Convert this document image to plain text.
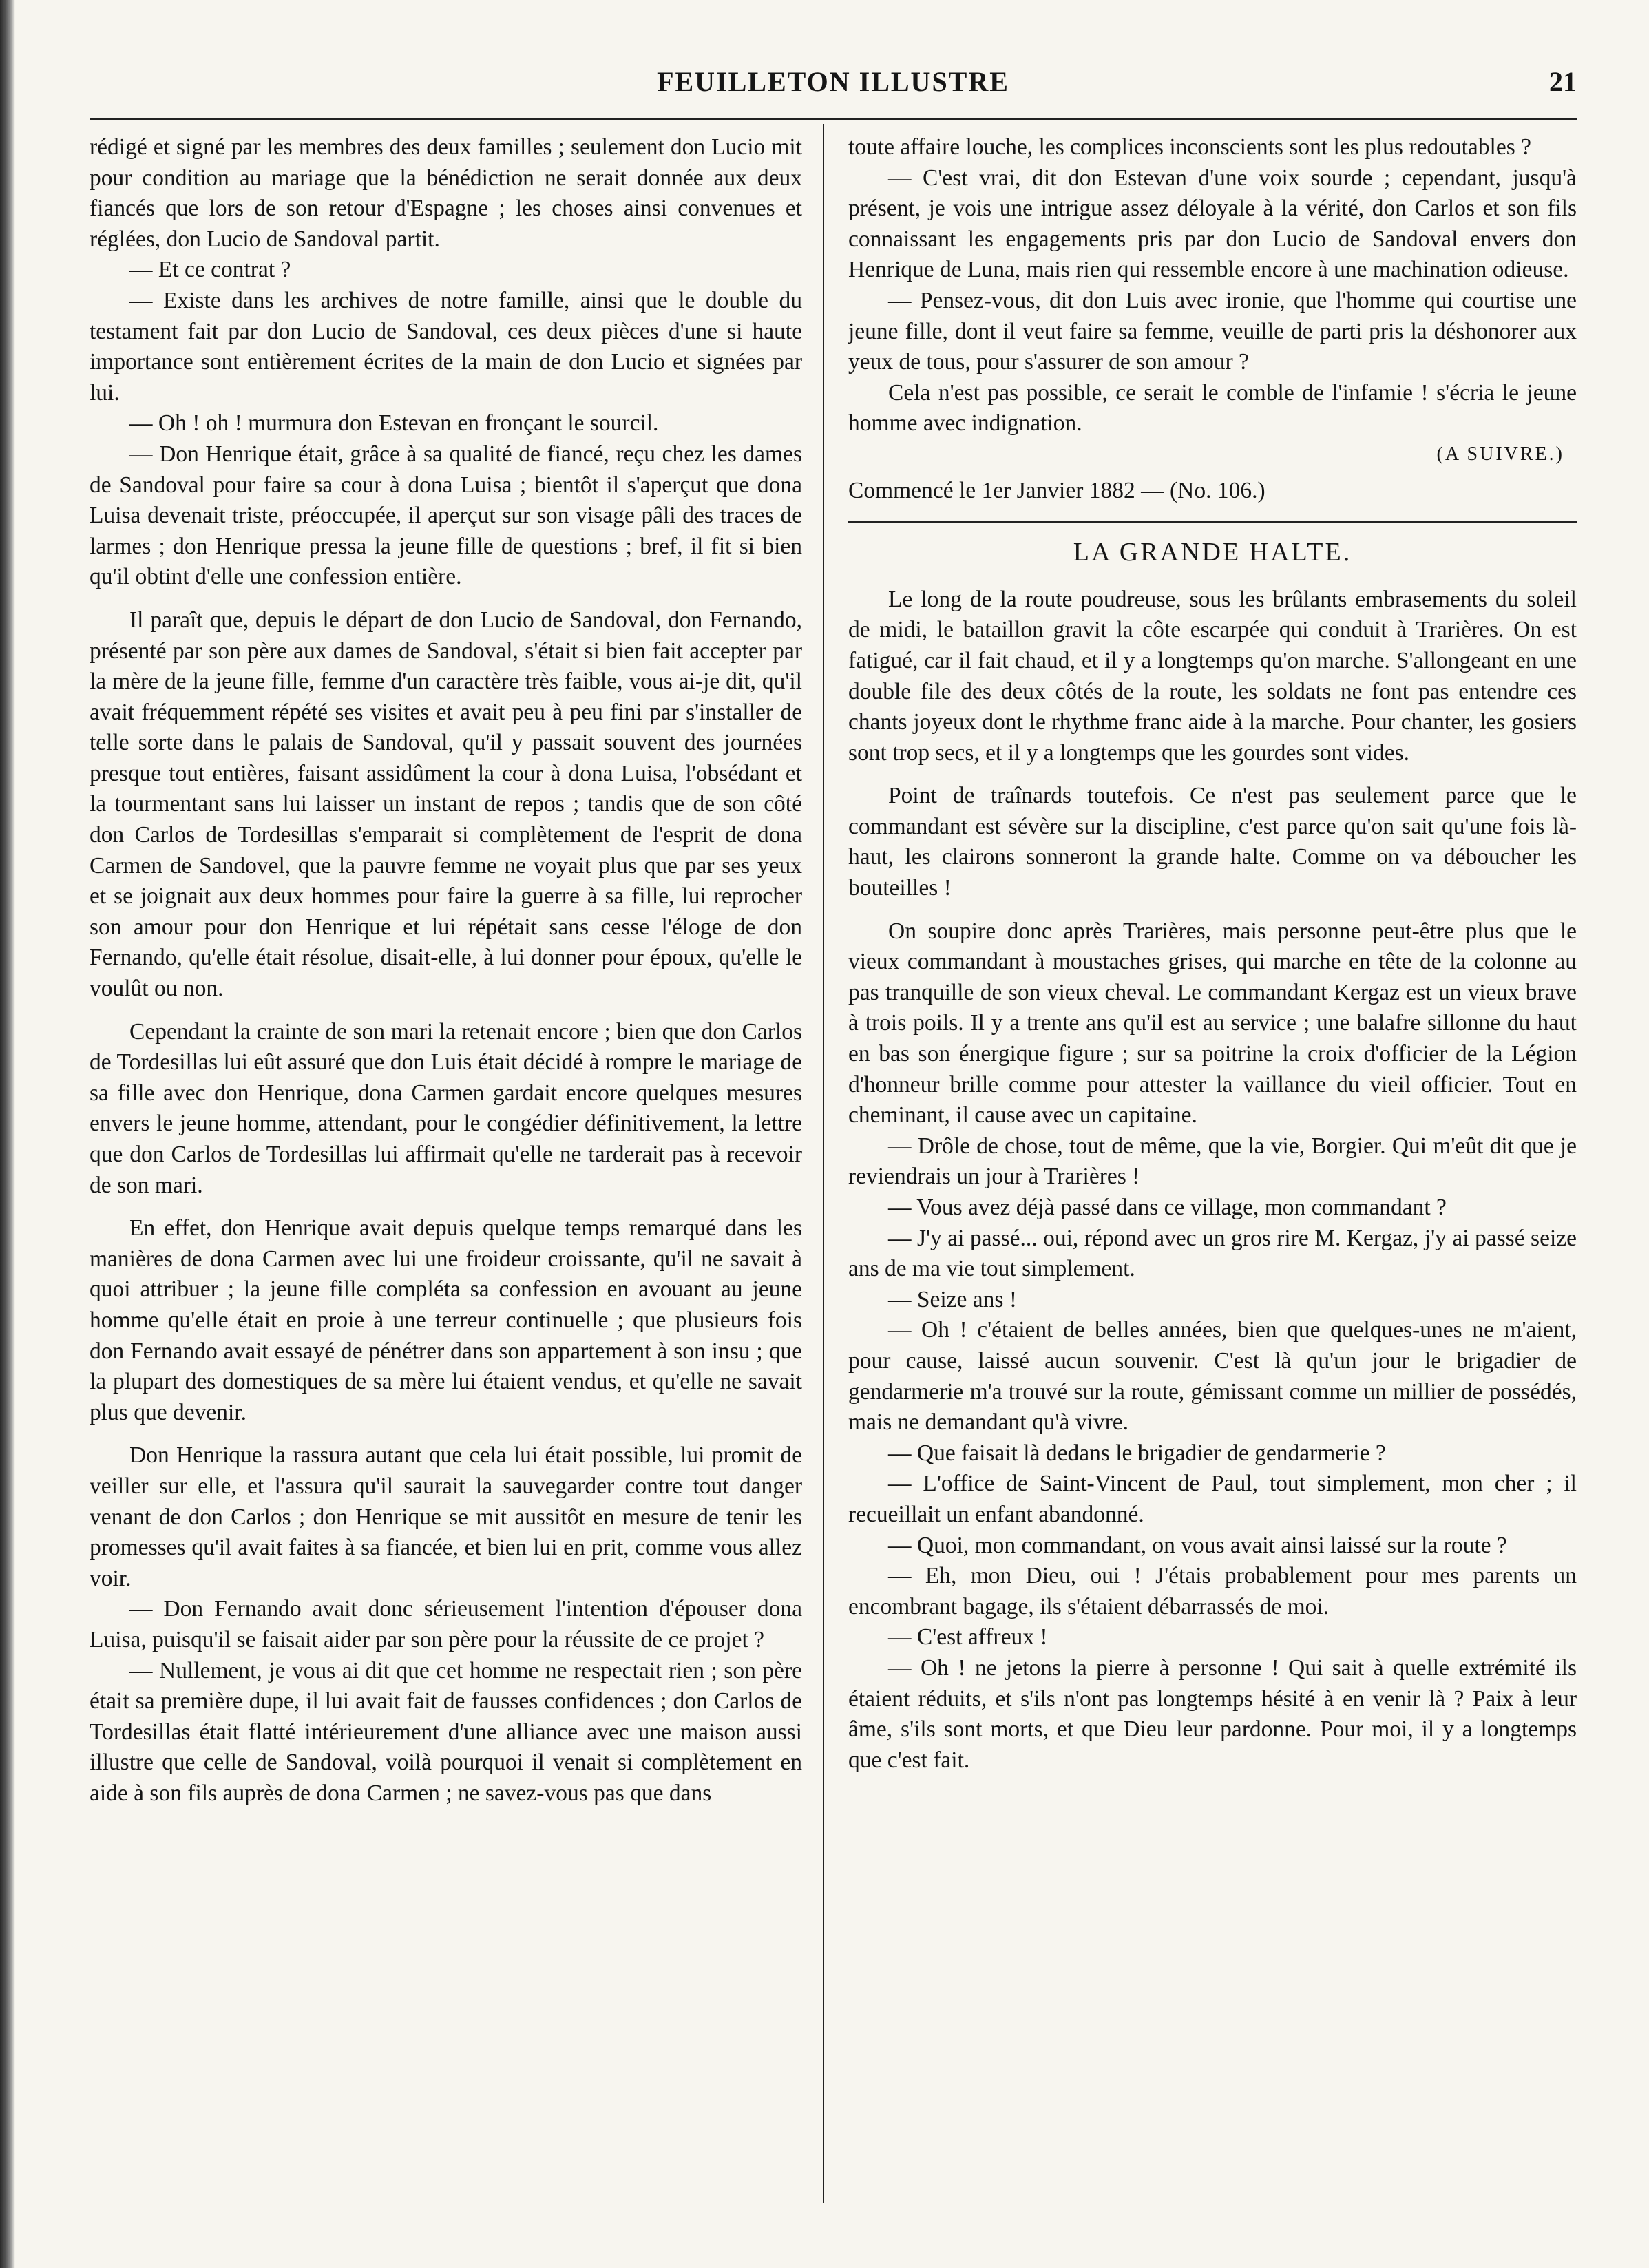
FEUILLETON ILLUSTRE	21

rédigé et signé par les membres des deux familles ; seulement don Lucio mit pour condition au mariage que la bénédiction ne serait donnée aux deux fiancés que lors de son retour d'Espagne ; les choses ainsi convenues et réglées, don Lucio de Sandoval partit.

— Et ce contrat ?

— Existe dans les archives de notre famille, ainsi que le double du testament fait par don Lucio de Sandoval, ces deux pièces d'une si haute importance sont entièrement écrites de la main de don Lucio et signées par lui.

— Oh ! oh ! murmura don Estevan en fronçant le sourcil.

— Don Henrique était, grâce à sa qualité de fiancé, reçu chez les dames de Sandoval pour faire sa cour à dona Luisa ; bientôt il s'aperçut que dona Luisa devenait triste, préoccupée, il aperçut sur son visage pâli des traces de larmes ; don Henrique pressa la jeune fille de questions ; bref, il fit si bien qu'il obtint d'elle une confession entière.

Il paraît que, depuis le départ de don Lucio de Sandoval, don Fernando, présenté par son père aux dames de Sandoval, s'était si bien fait accepter par la mère de la jeune fille, femme d'un caractère très faible, vous ai-je dit, qu'il avait fréquemment répété ses visites et avait peu à peu fini par s'installer de telle sorte dans le palais de Sandoval, qu'il y passait souvent des journées presque tout entières, faisant assidûment la cour à dona Luisa, l'obsédant et la tourmentant sans lui laisser un instant de repos ; tandis que de son côté don Carlos de Tordesillas s'emparait si complètement de l'esprit de dona Carmen de Sandovel, que la pauvre femme ne voyait plus que par ses yeux et se joignait aux deux hommes pour faire la guerre à sa fille, lui reprocher son amour pour don Henrique et lui répétait sans cesse l'éloge de don Fernando, qu'elle était résolue, disait-elle, à lui donner pour époux, qu'elle le voulût ou non.

Cependant la crainte de son mari la retenait encore ; bien que don Carlos de Tordesillas lui eût assuré que don Luis était décidé à rompre le mariage de sa fille avec don Henrique, dona Carmen gardait encore quelques mesures envers le jeune homme, attendant, pour le congédier définitivement, la lettre que don Carlos de Tordesillas lui affirmait qu'elle ne tarderait pas à recevoir de son mari.

En effet, don Henrique avait depuis quelque temps remarqué dans les manières de dona Carmen avec lui une froideur croissante, qu'il ne savait à quoi attribuer ; la jeune fille compléta sa confession en avouant au jeune homme qu'elle était en proie à une terreur continuelle ; que plusieurs fois don Fernando avait essayé de pénétrer dans son appartement à son insu ; que la plupart des domestiques de sa mère lui étaient vendus, et qu'elle ne savait plus que devenir.

Don Henrique la rassura autant que cela lui était possible, lui promit de veiller sur elle, et l'assura qu'il saurait la sauvegarder contre tout danger venant de don Carlos ; don Henrique se mit aussitôt en mesure de tenir les promesses qu'il avait faites à sa fiancée, et bien lui en prit, comme vous allez voir.

— Don Fernando avait donc sérieusement l'intention d'épouser dona Luisa, puisqu'il se faisait aider par son père pour la réussite de ce projet ?

— Nullement, je vous ai dit que cet homme ne respectait rien ; son père était sa première dupe, il lui avait fait de fausses confidences ; don Carlos de Tordesillas était flatté intérieurement d'une alliance avec une maison aussi illustre que celle de Sandoval, voilà pourquoi il venait si complètement en aide à son fils auprès de dona Carmen ; ne savez-vous pas que dans

toute affaire louche, les complices inconscients sont les plus redoutables ?

— C'est vrai, dit don Estevan d'une voix sourde ; cependant, jusqu'à présent, je vois une intrigue assez déloyale à la vérité, don Carlos et son fils connaissant les engagements pris par don Lucio de Sandoval envers don Henrique de Luna, mais rien qui ressemble encore à une machination odieuse.

— Pensez-vous, dit don Luis avec ironie, que l'homme qui courtise une jeune fille, dont il veut faire sa femme, veuille de parti pris la déshonorer aux yeux de tous, pour s'assurer de son amour ?

Cela n'est pas possible, ce serait le comble de l'infamie ! s'écria le jeune homme avec indignation.

(A SUIVRE.)

Commencé le 1er Janvier 1882 — (No. 106.)

LA GRANDE HALTE.

Le long de la route poudreuse, sous les brûlants embrasements du soleil de midi, le bataillon gravit la côte escarpée qui conduit à Trarières. On est fatigué, car il fait chaud, et il y a longtemps qu'on marche. S'allongeant en une double file des deux côtés de la route, les soldats ne font pas entendre ces chants joyeux dont le rhythme franc aide à la marche. Pour chanter, les gosiers sont trop secs, et il y a longtemps que les gourdes sont vides.

Point de traînards toutefois. Ce n'est pas seulement parce que le commandant est sévère sur la discipline, c'est parce qu'on sait qu'une fois là-haut, les clairons sonneront la grande halte. Comme on va déboucher les bouteilles !

On soupire donc après Trarières, mais personne peut-être plus que le vieux commandant à moustaches grises, qui marche en tête de la colonne au pas tranquille de son vieux cheval. Le commandant Kergaz est un vieux brave à trois poils. Il y a trente ans qu'il est au service ; une balafre sillonne du haut en bas son énergique figure ; sur sa poitrine la croix d'officier de la Légion d'honneur brille comme pour attester la vaillance du vieil officier. Tout en cheminant, il cause avec un capitaine.

— Drôle de chose, tout de même, que la vie, Borgier. Qui m'eût dit que je reviendrais un jour à Trarières !

— Vous avez déjà passé dans ce village, mon commandant ?

— J'y ai passé... oui, répond avec un gros rire M. Kergaz, j'y ai passé seize ans de ma vie tout simplement.

— Seize ans !

— Oh ! c'étaient de belles années, bien que quelques-unes ne m'aient, pour cause, laissé aucun souvenir. C'est là qu'un jour le brigadier de gendarmerie m'a trouvé sur la route, gémissant comme un millier de possédés, mais ne demandant qu'à vivre.

— Que faisait là dedans le brigadier de gendarmerie ?

— L'office de Saint-Vincent de Paul, tout simplement, mon cher ; il recueillait un enfant abandonné.

— Quoi, mon commandant, on vous avait ainsi laissé sur la route ?

— Eh, mon Dieu, oui ! J'étais probablement pour mes parents un encombrant bagage, ils s'étaient débarrassés de moi.

— C'est affreux !

— Oh ! ne jetons la pierre à personne ! Qui sait à quelle extrémité ils étaient réduits, et s'ils n'ont pas longtemps hésité à en venir là ? Paix à leur âme, s'ils sont morts, et que Dieu leur pardonne. Pour moi, il y a longtemps que c'est fait.
